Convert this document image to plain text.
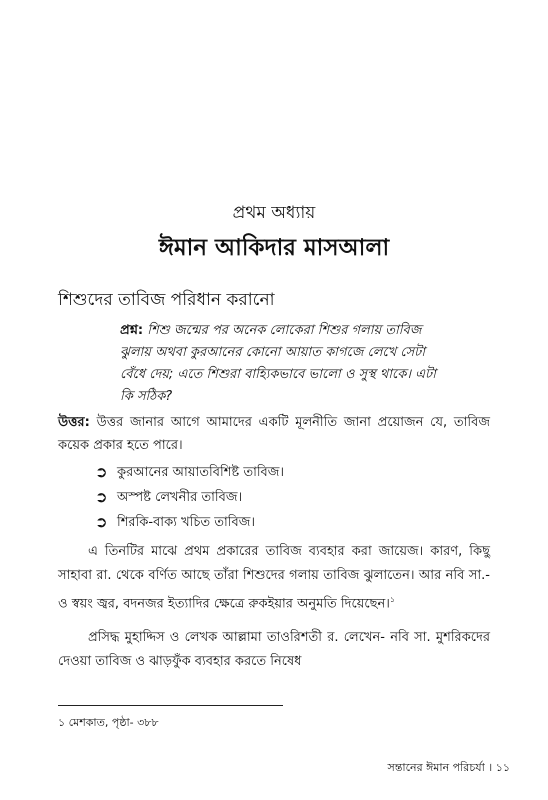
প্রথম অধ্যায়
ঈমান আকিদার মাসআলা
শিশুদের তাবিজ পরিধান করানো
প্রশ্ন: শিশু জন্মের পর অনেক লোকেরা শিশুর গলায় তাবিজ ঝুলায় অথবা কুরআনের কোনো আয়াত কাগজে লেখে সেটা বেঁধে দেয়; এতে শিশুরা বাহ্যিকভাবে ভালো ও সুস্থ থাকে। এটা কি সঠিক?
উত্তর: উত্তর জানার আগে আমাদের একটি মূলনীতি জানা প্রয়োজন যে, তাবিজ কয়েক প্রকার হতে পারে।
➲ কুরআনের আয়াতবিশিষ্ট তাবিজ।
➲ অস্পষ্ট লেখনীর তাবিজ।
➲ শিরকি-বাক্য খচিত তাবিজ।
এ তিনটির মাঝে প্রথম প্রকারের তাবিজ ব্যবহার করা জায়েজ। কারণ, কিছু সাহাবা রা. থেকে বর্ণিত আছে তাঁরা শিশুদের গলায় তাবিজ ঝুলাতেন। আর নবি সা.-ও স্বয়ং জ্বর, বদনজর ইত্যাদির ক্ষেত্রে রুকইয়ার অনুমতি দিয়েছেন।$^১$
প্রসিদ্ধ মুহাদ্দিস ও লেখক আল্লামা তাওরিশতী র. লেখেন- নবি সা. মুশরিকদের দেওয়া তাবিজ ও ঝাড়ফুঁক ব্যবহার করতে নিষেধ
১ মেশকাত, পৃষ্ঠা- ৩৮৮
সন্তানের ঈমান পরিচর্যা । ১১
